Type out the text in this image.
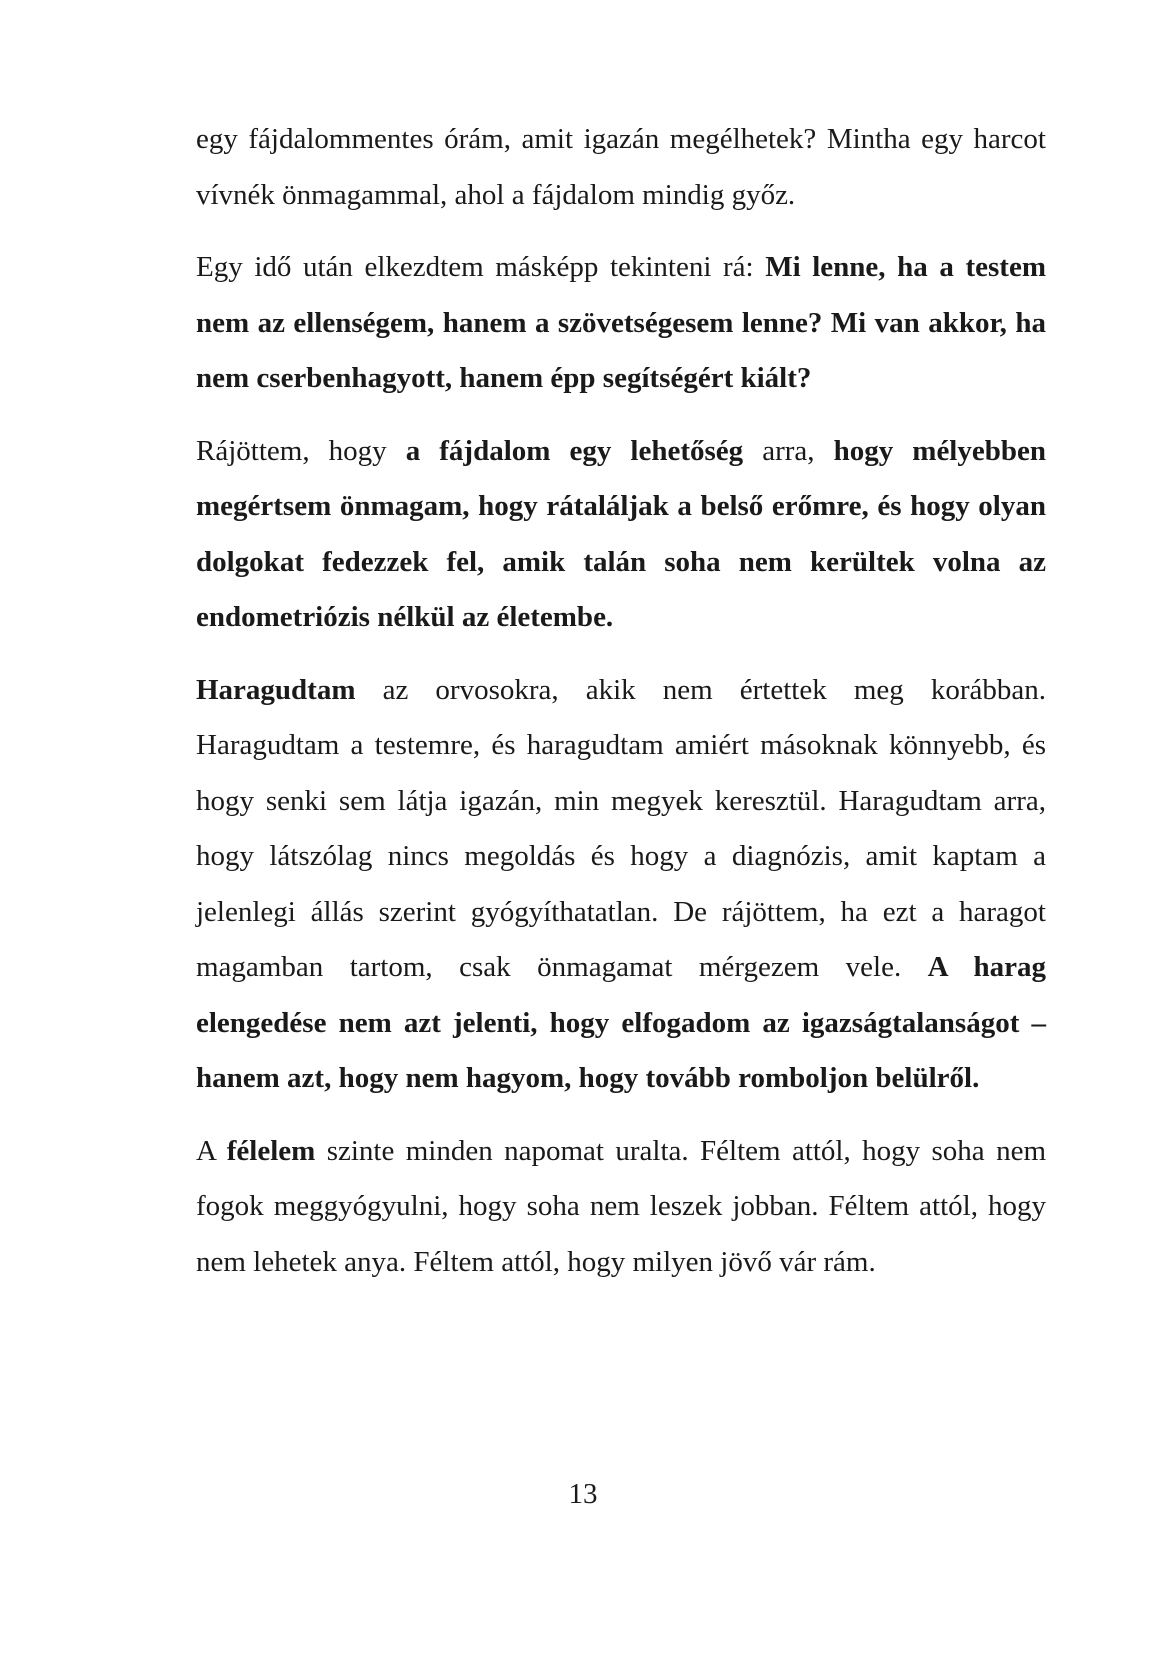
egy fájdalommentes órám, amit igazán megélhetek? Mintha egy harcot vívnék önmagammal, ahol a fájdalom mindig győz.

Egy idő után elkezdtem másképp tekinteni rá: Mi lenne, ha a testem nem az ellenségem, hanem a szövetségesem lenne? Mi van akkor, ha nem cserbenhagyott, hanem épp segítségért kiált?

Rájöttem, hogy a fájdalom egy lehetőség arra, hogy mélyebben megértsem önmagam, hogy rátaláljak a belső erőmre, és hogy olyan dolgokat fedezzek fel, amik talán soha nem kerültek volna az endometriózis nélkül az életembe.

Haragudtam az orvosokra, akik nem értettek meg korábban. Haragudtam a testemre, és haragudtam amiért másoknak könnyebb, és hogy senki sem látja igazán, min megyek keresztül. Haragudtam arra, hogy látszólag nincs megoldás és hogy a diagnózis, amit kaptam a jelenlegi állás szerint gyógyíthatatlan. De rájöttem, ha ezt a haragot magamban tartom, csak önmagamat mérgezem vele. A harag elengedése nem azt jelenti, hogy elfogadom az igazságtalanságot – hanem azt, hogy nem hagyom, hogy tovább romboljon belülről.

A félelem szinte minden napomat uralta. Féltem attól, hogy soha nem fogok meggyógyulni, hogy soha nem leszek jobban. Féltem attól, hogy nem lehetek anya. Féltem attól, hogy milyen jövő vár rám.

13
